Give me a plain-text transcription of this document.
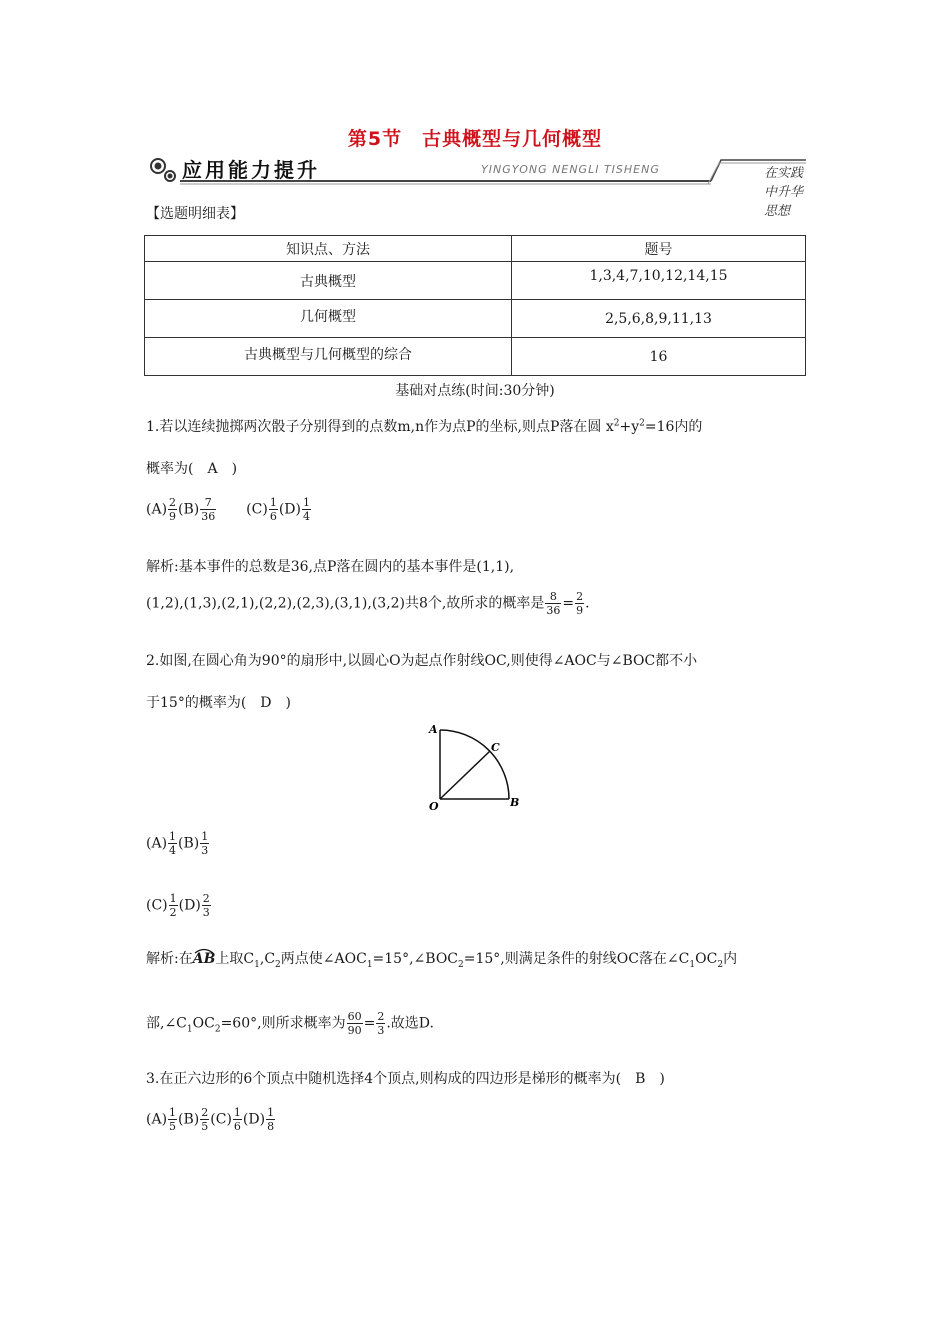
第5节　古典概型与几何概型
应用能力提升	YINGYONG NENGLI TISHENG	在实践中升华思想
【选题明细表】
知识点、方法	题号
古典概型	1,3,4,7,10,12,14,15
几何概型	2,5,6,8,9,11,13
古典概型与几何概型的综合	16
基础对点练(时间:30分钟)
1.若以连续抛掷两次骰子分别得到的点数m,n作为点P的坐标,则点P落在圆 $x^2+y^2=16$内的
概率为(　A　)
$(A) \frac{2}{9} (B) \frac{7}{36} (C) \frac{1}{6} (D) \frac{1}{4}$
解析:基本事件的总数是36,点P落在圆内的基本事件是(1,1),
(1,2),(1,3),(2,1),(2,2),(2,3),(3,1),(3,2)共8个,故所求的概率是 $\frac{8}{36} = \frac{2}{9}$ .
2.如图,在圆心角为90°的扇形中,以圆心O为起点作射线OC,则使得∠AOC与∠BOC都不小
于15°的概率为(　D　)
A
C
O	B
$(A) \frac{1}{4} (B) \frac{1}{3}$
$(C) \frac{1}{2} (D) \frac{2}{3}$
解析:在
AB上取$C_1,C_2$两点使$\angle AOC_1=15^\circ,\angle BOC_2=15^\circ$,则满足条件的射线OC落在$\angle C_1OC_2$内
部$,\angle C_1OC_2=60^\circ$,则所求概率为 $\frac{60}{90} = \frac{2}{3}$ .故选D.
3.在正六边形的6个顶点中随机选择4个顶点,则构成的四边形是梯形的概率为(　B　)
$(A) \frac{1}{5} (B) \frac{2}{5} (C) \frac{1}{6} (D) \frac{1}{8}$
